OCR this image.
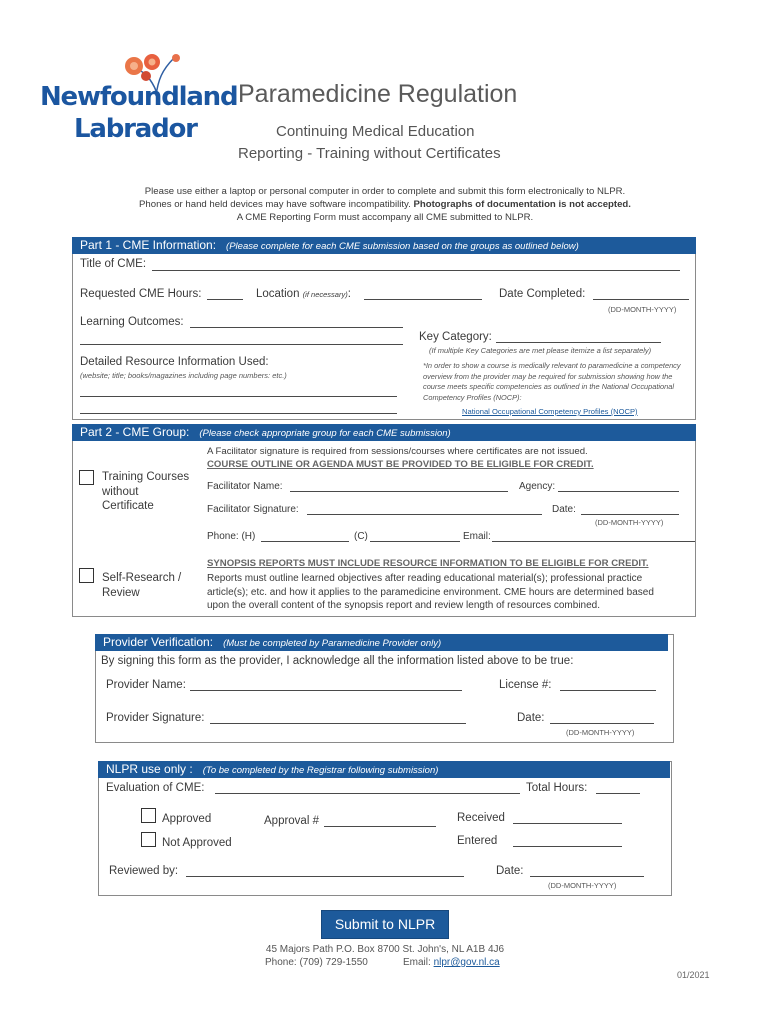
Newfoundland
Labrador
Paramedicine Regulation
Continuing Medical Education
Reporting - Training without Certificates
Please use either a laptop or personal computer in order to complete and submit this form electronically to NLPR.
Phones or hand held devices may have software incompatibility. Photographs of documentation is not accepted.
A CME Reporting Form must accompany all CME submitted to NLPR.
Part 1 - CME Information: (Please complete for each CME submission based on the groups as outlined below)
Title of CME:
Requested CME Hours:	Location (if necessary):	Date Completed:
(DD-MONTH-YYYY)
Learning Outcomes:
Key Category:
(If multiple Key Categories are met please itemize a list separately)
Detailed Resource Information Used:
(website; title; books/magazines including page numbers: etc.)
*In order to show a course is medically relevant to paramedicine a competency overview from the provider may be required for submission showing how the course meets specific competencies as outlined in the National Occupational Competency Profiles (NOCP):
National Occupational Competency Profiles (NOCP)
Part 2 - CME Group: (Please check appropriate group for each CME submission)
Training Courses
without
Certificate
A Facilitator signature is required from sessions/courses where certificates are not issued.
COURSE OUTLINE OR AGENDA MUST BE PROVIDED TO BE ELIGIBLE FOR CREDIT.
Facilitator Name:	Agency:
Facilitator Signature:	Date:
(DD-MONTH-YYYY)
Phone: (H)	(C)	Email:
Self-Research /
Review
SYNOPSIS REPORTS MUST INCLUDE RESOURCE INFORMATION TO BE ELIGIBLE FOR CREDIT.
Reports must outline learned objectives after reading educational material(s); professional practice
article(s); etc. and how it applies to the paramedicine environment. CME hours are determined based
upon the overall content of the synopsis report and review length of resources combined.
Provider Verification: (Must be completed by Paramedicine Provider only)
By signing this form as the provider, I acknowledge all the information listed above to be true:
Provider Name:	License #:
Provider Signature:	Date:
(DD-MONTH-YYYY)
NLPR use only : (To be completed by the Registrar following submission)
Evaluation of CME:	Total Hours:
Approved	Approval #	Received
Not Approved	Entered
Reviewed by:	Date:
(DD-MONTH-YYYY)
Submit to NLPR
45 Majors Path P.O. Box 8700 St. John's, NL A1B 4J6
Phone: (709) 729-1550	Email: nlpr@gov.nl.ca
01/2021
